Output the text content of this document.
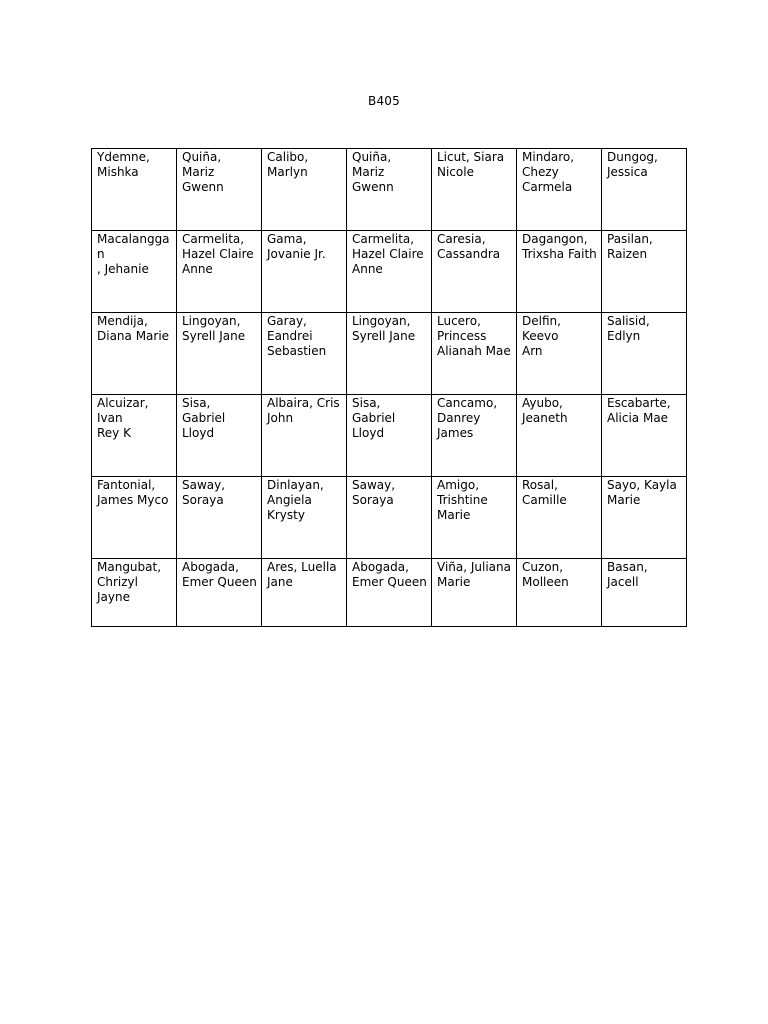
B405
Ydemne,
Mishka	Quiña, Mariz
Gwenn	Calibo,
Marlyn	Quiña, Mariz
Gwenn	Licut, Siara
Nicole	Mindaro,
Chezy
Carmela	Dungog,
Jessica

Macalanggan
, Jehanie	Carmelita,
Hazel Claire
Anne	Gama,
Jovanie Jr.	Carmelita,
Hazel Claire
Anne	Caresia,
Cassandra	Dagangon,
Trixsha Faith	Pasilan,
Raizen

Mendija,
Diana Marie	Lingoyan,
Syrell Jane	Garay,
Eandrei
Sebastien	Lingoyan,
Syrell Jane	Lucero,
Princess
Alianah Mae	Delfin, Keevo
Arn	Salisid, Edlyn

Alcuizar, Ivan
Rey K	Sisa, Gabriel
Lloyd	Albaira, Cris
John	Sisa, Gabriel
Lloyd	Cancamo,
Danrey
James	Ayubo,
Jeaneth	Escabarte,
Alicia Mae

Fantonial,
James Myco	Saway,
Soraya	Dinlayan,
Angiela
Krysty	Saway,
Soraya	Amigo,
Trishtine
Marie	Rosal,
Camille	Sayo, Kayla
Marie

Mangubat,
Chrizyl Jayne	Abogada,
Emer Queen	Ares, Luella
Jane	Abogada,
Emer Queen	Viña, Juliana
Marie	Cuzon,
Molleen	Basan, Jacell
